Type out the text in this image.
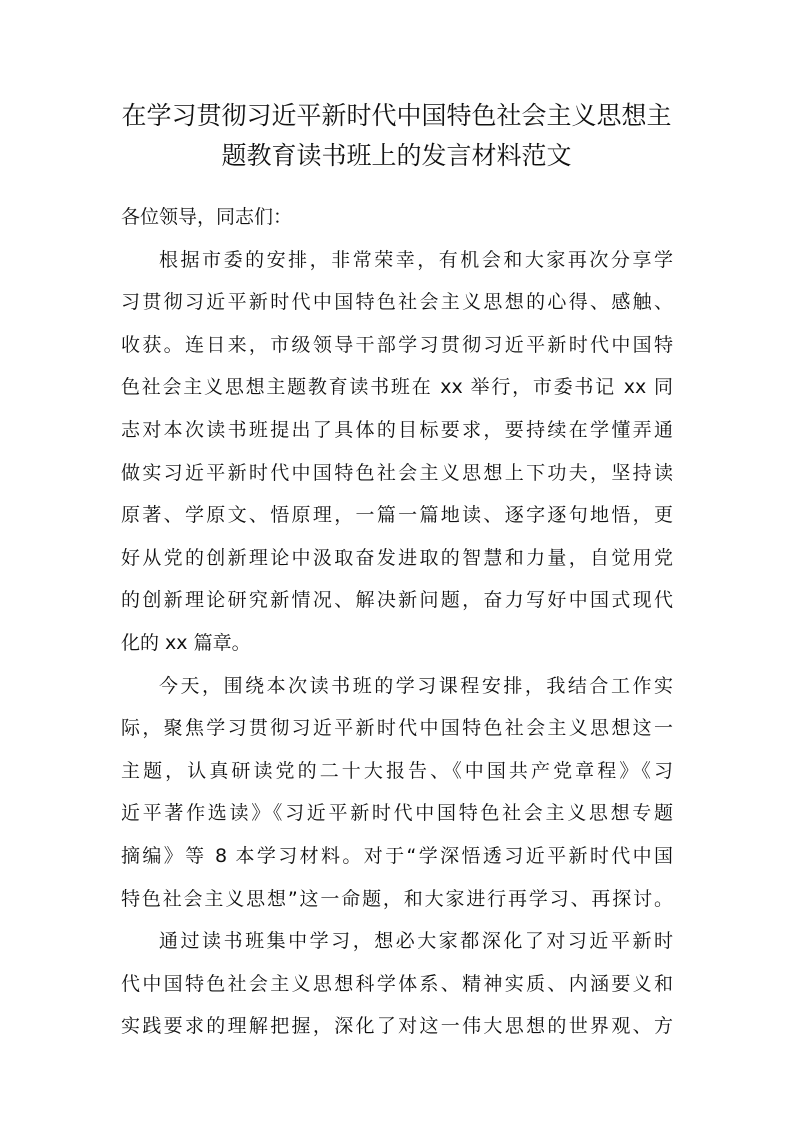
在学习贯彻习近平新时代中国特色社会主义思想主
题教育读书班上的发言材料范文
各位领导，同志们：
根据市委的安排，非常荣幸，有机会和大家再次分享学
习贯彻习近平新时代中国特色社会主义思想的心得、感触、
收获。连日来，市级领导干部学习贯彻习近平新时代中国特
色社会主义思想主题教育读书班在 xx 举行，市委书记 xx 同
志对本次读书班提出了具体的目标要求，要持续在学懂弄通
做实习近平新时代中国特色社会主义思想上下功夫，坚持读
原著、学原文、悟原理，一篇一篇地读、逐字逐句地悟，更
好从党的创新理论中汲取奋发进取的智慧和力量，自觉用党
的创新理论研究新情况、解决新问题，奋力写好中国式现代
化的 xx 篇章。
今天，围绕本次读书班的学习课程安排，我结合工作实
际，聚焦学习贯彻习近平新时代中国特色社会主义思想这一
主题，认真研读党的二十大报告、《中国共产党章程》《习
近平著作选读》《习近平新时代中国特色社会主义思想专题
摘编》等 8 本学习材料。对于“学深悟透习近平新时代中国
特色社会主义思想”这一命题，和大家进行再学习、再探讨。
通过读书班集中学习，想必大家都深化了对习近平新时
代中国特色社会主义思想科学体系、精神实质、内涵要义和
实践要求的理解把握，深化了对这一伟大思想的世界观、方
